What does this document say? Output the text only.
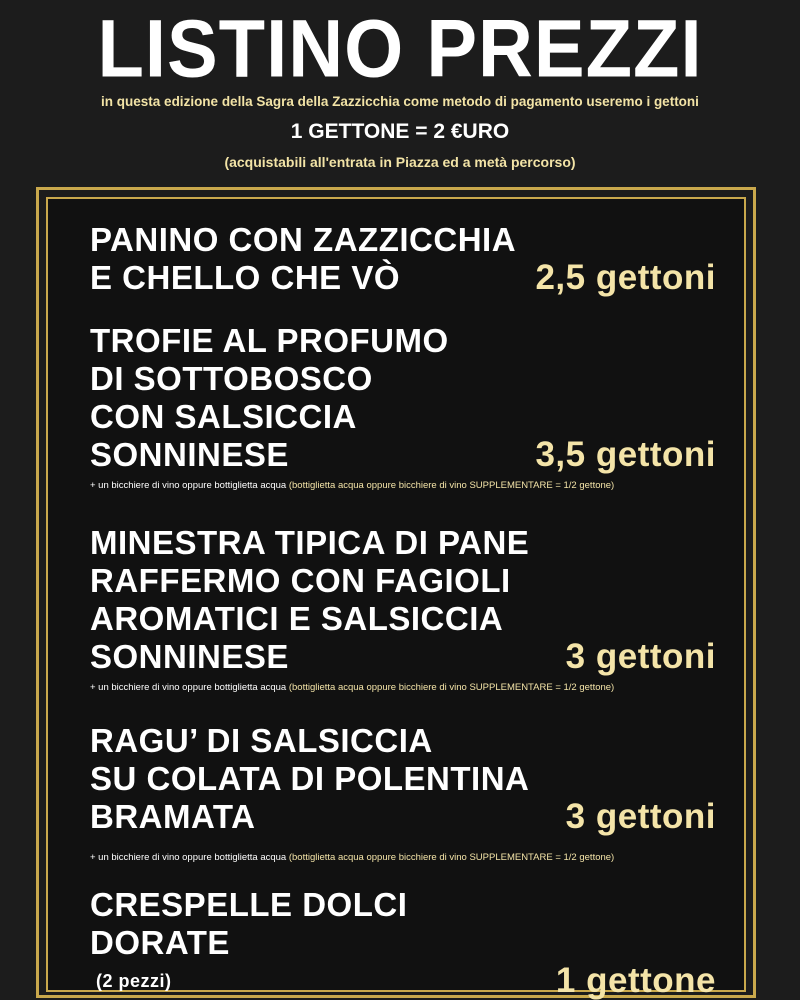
LISTINO PREZZI
in questa edizione della Sagra della Zazzicchia come metodo di pagamento useremo i gettoni
1 GETTONE = 2 €URO
(acquistabili all'entrata in Piazza ed a metà percorso)
PANINO CON ZAZZICCHIA
E CHELLO CHE VÒ	2,5 gettoni
TROFIE AL PROFUMO
DI SOTTOBOSCO
CON SALSICCIA
SONNINESE	3,5 gettoni
+ un bicchiere di vino oppure bottiglietta acqua (bottiglietta acqua oppure bicchiere di vino SUPPLEMENTARE = 1/2 gettone)
MINESTRA TIPICA DI PANE
RAFFERMO CON FAGIOLI
AROMATICI E SALSICCIA
SONNINESE	3 gettoni
+ un bicchiere di vino oppure bottiglietta acqua (bottiglietta acqua oppure bicchiere di vino SUPPLEMENTARE = 1/2 gettone)
RAGU’ DI SALSICCIA
SU COLATA DI POLENTINA
BRAMATA	3 gettoni
+ un bicchiere di vino oppure bottiglietta acqua (bottiglietta acqua oppure bicchiere di vino SUPPLEMENTARE = 1/2 gettone)
CRESPELLE DOLCI
DORATE
(2 pezzi)	1 gettone
